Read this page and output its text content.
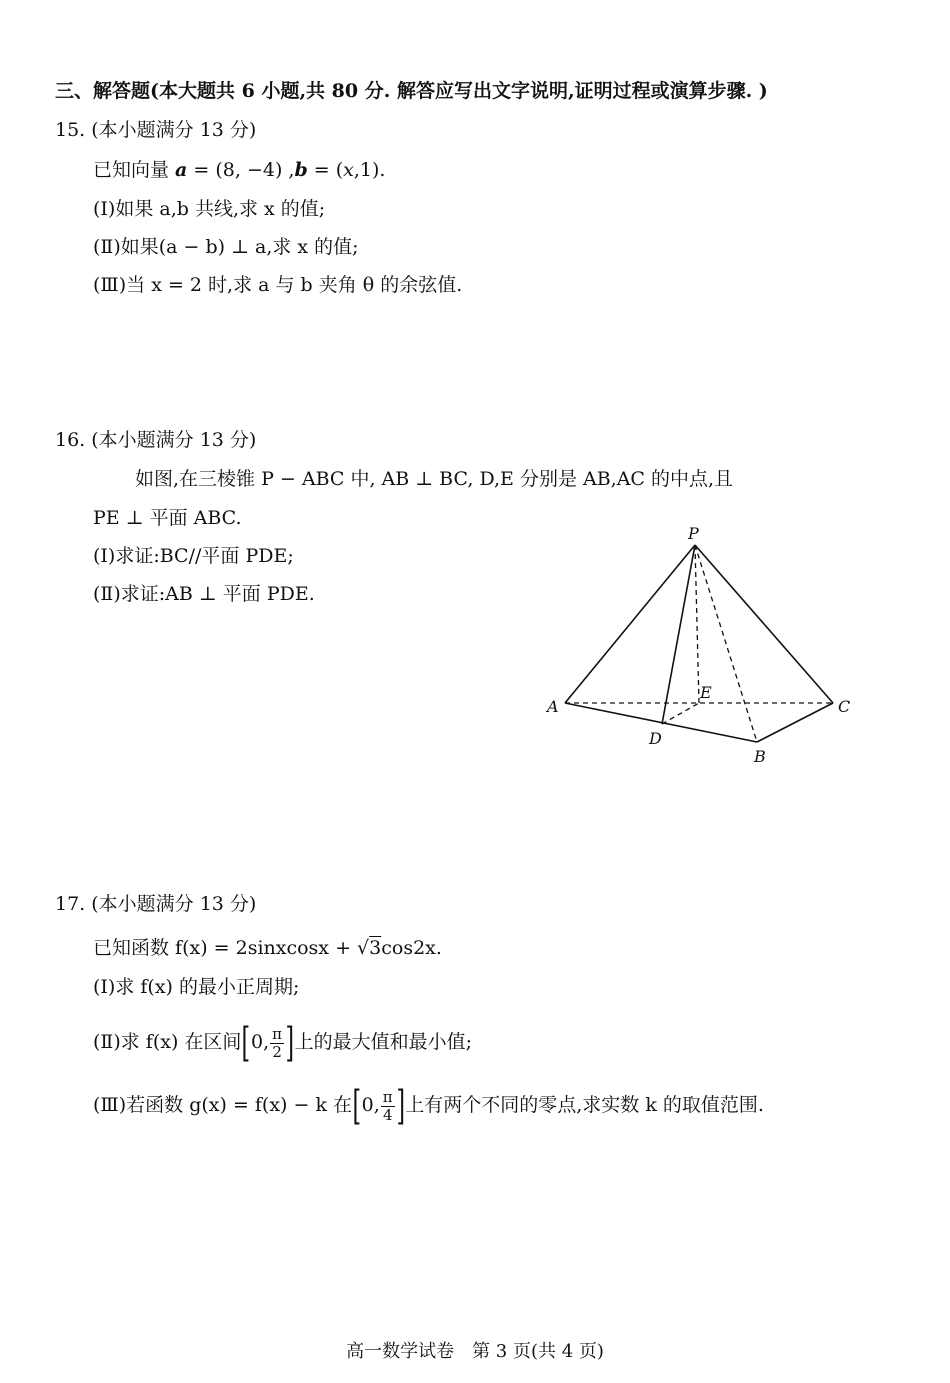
三、解答题(本大题共 6 小题,共 80 分. 解答应写出文字说明,证明过程或演算步骤. )
15. (本小题满分 13 分)
已知向量 a = (8, −4) ,b = (x,1).
(Ⅰ)如果 a,b 共线,求 x 的值;
(Ⅱ)如果(a − b) ⊥ a,求 x 的值;
(Ⅲ)当 x = 2 时,求 a 与 b 夹角 θ 的余弦值.
16. (本小题满分 13 分)
如图,在三棱锥 P − ABC 中, AB ⊥ BC, D,E 分别是 AB,AC 的中点,且
PE ⊥ 平面 ABC.
(Ⅰ)求证:BC//平面 PDE;
(Ⅱ)求证:AB ⊥ 平面 PDE.
P
A	C
E
D
B
17. (本小题满分 13 分)
已知函数 f(x) = 2sinxcosx + √3cos2x.
(Ⅰ)求 f(x) 的最小正周期;
(Ⅱ)求 f(x) 在区间[0, $\frac{\pi}{2}$ ]上的最大值和最小值;
(Ⅲ)若函数 g(x) = f(x) − k 在[0, $\frac{\pi}{4}$ ]上有两个不同的零点,求实数 k 的取值范围.
高一数学试卷　第 3 页(共 4 页)
